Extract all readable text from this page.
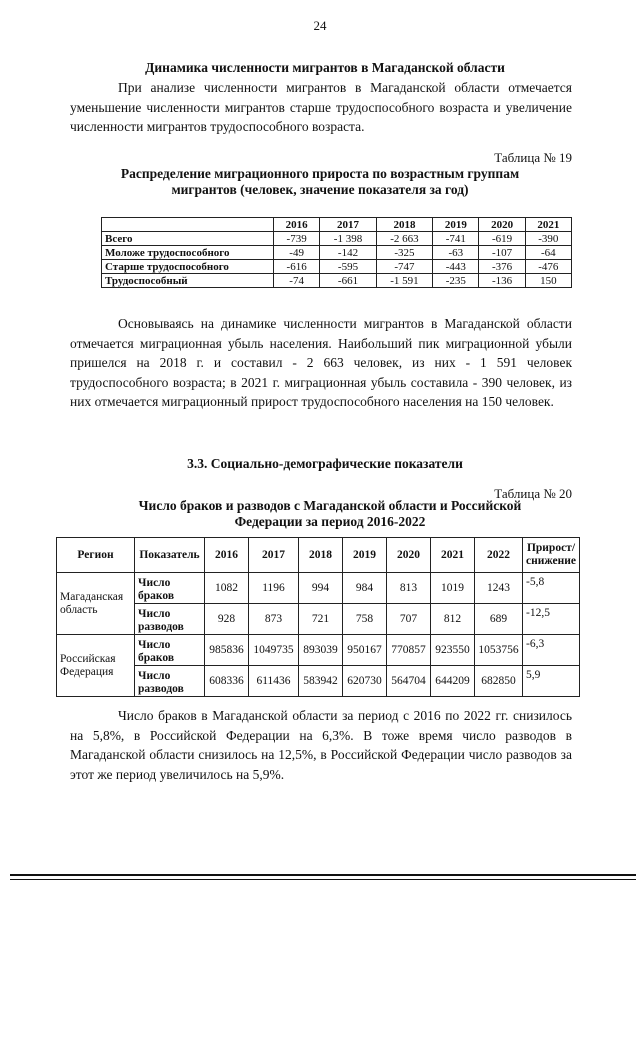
24
Динамика численности мигрантов в Магаданской области
При анализе численности мигрантов в Магаданской области отмечается уменьшение численности мигрантов старше трудоспособного возраста и увеличение численности мигрантов трудоспособного возраста.
Таблица № 19
Распределение миграционного прироста по возрастным группам мигрантов (человек, значение показателя за год)
	2016	2017	2018	2019	2020	2021
Всего	-739	-1 398	-2 663	-741	-619	-390
Моложе трудоспособного	-49	-142	-325	-63	-107	-64
Старше трудоспособного	-616	-595	-747	-443	-376	-476
Трудоспособный	-74	-661	-1 591	-235	-136	150
Основываясь на динамике численности мигрантов в Магаданской области отмечается миграционная убыль населения. Наибольший пик миграционной убыли пришелся на 2018 г. и составил - 2 663 человек, из них - 1 591 человек трудоспособного возраста; в 2021 г. миграционная убыль составила - 390 человек, из них отмечается миграционный прирост трудоспособного населения на 150 человек.
3.3. Социально-демографические показатели
Таблица № 20
Число браков и разводов с Магаданской области и Российской Федерации за период 2016-2022
Регион	Показатель	2016	2017	2018	2019	2020	2021	2022	Прирост/ снижение
Магаданская область	Число браков	1082	1196	994	984	813	1019	1243	-5,8
	Число разводов	928	873	721	758	707	812	689	-12,5
Российская Федерация	Число браков	985836	1049735	893039	950167	770857	923550	1053756	-6,3
	Число разводов	608336	611436	583942	620730	564704	644209	682850	5,9
Число браков в Магаданской области за период с 2016 по 2022 гг. снизилось на 5,8%, в Российской Федерации на 6,3%. В тоже время число разводов в Магаданской области снизилось на 12,5%, в Российской Федерации число разводов за этот же период увеличилось на 5,9%.
